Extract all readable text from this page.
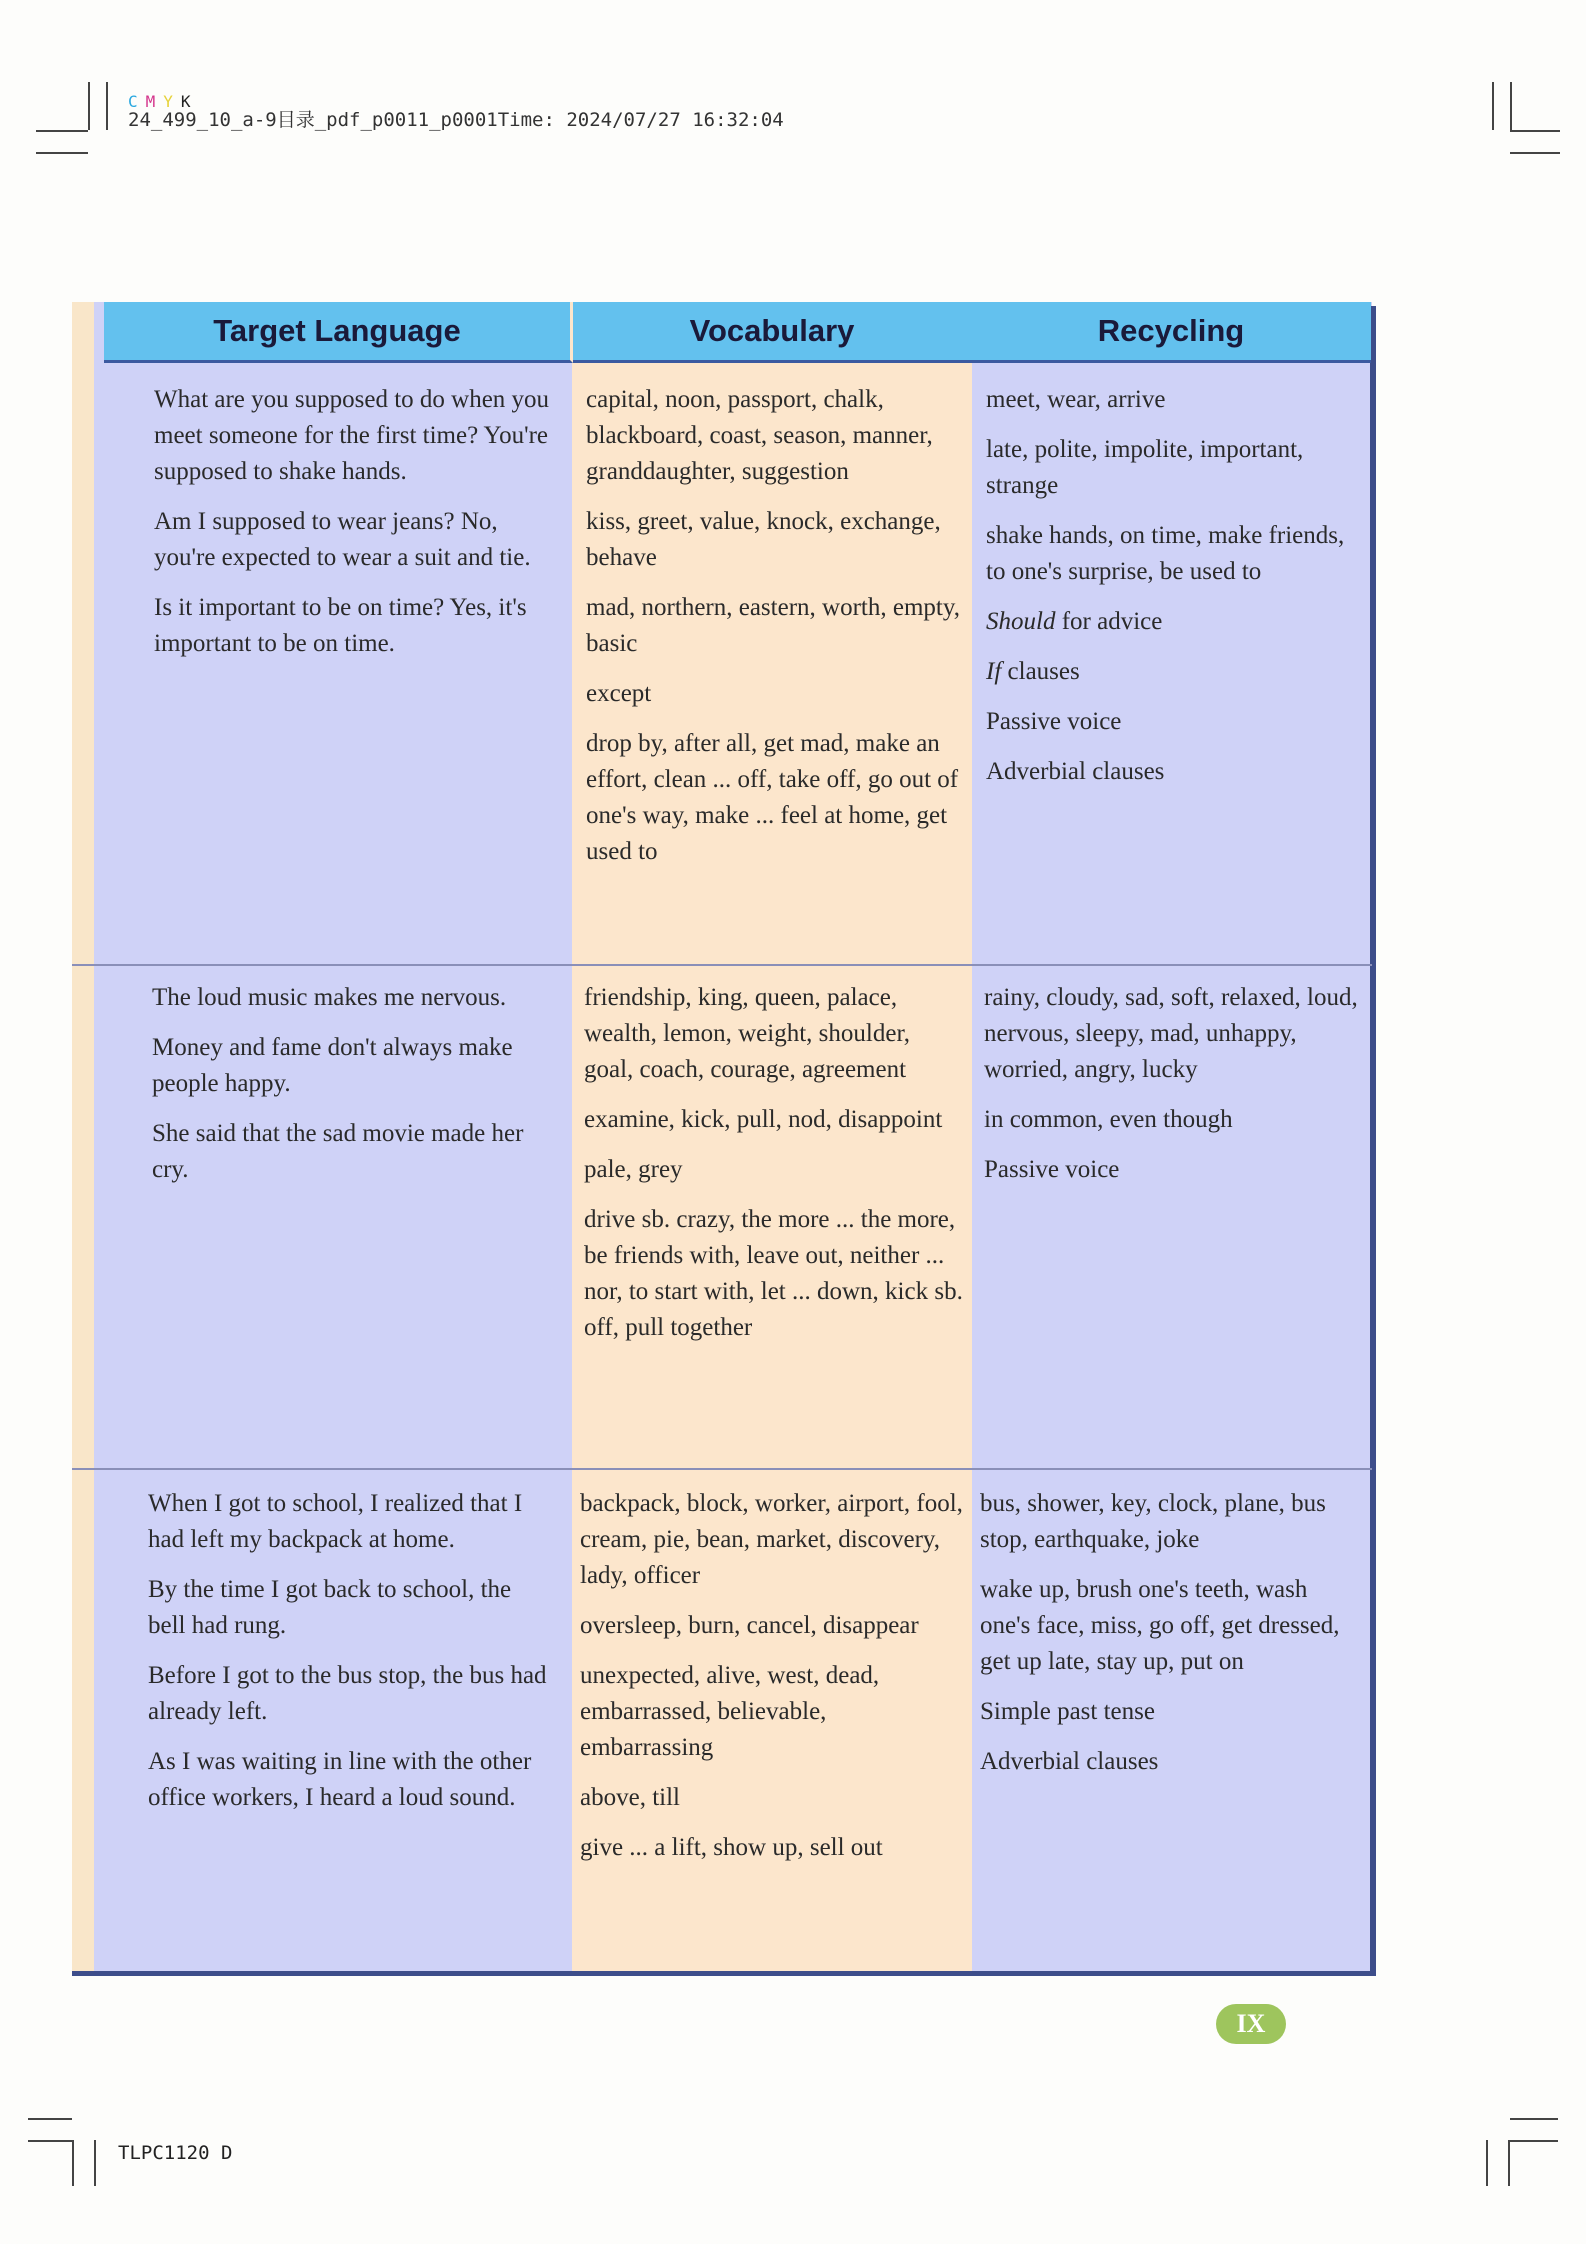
C M Y K
24_499_10_a-9目录_pdf_p0011_p0001Time: 2024/07/27 16:32:04
Target Language	Vocabulary	Recycling

What are you supposed to do when you meet someone for the first time? You're supposed to shake hands.

Am I supposed to wear jeans? No, you're expected to wear a suit and tie.

Is it important to be on time? Yes, it's important to be on time.

capital, noon, passport, chalk, blackboard, coast, season, manner, granddaughter, suggestion

kiss, greet, value, knock, exchange, behave

mad, northern, eastern, worth, empty, basic

except

drop by, after all, get mad, make an effort, clean ... off, take off, go out of one's way, make ... feel at home, get used to

meet, wear, arrive

late, polite, impolite, important, strange

shake hands, on time, make friends, to one's surprise, be used to

Should for advice

If clauses

Passive voice

Adverbial clauses

The loud music makes me nervous.

Money and fame don't always make people happy.

She said that the sad movie made her cry.

friendship, king, queen, palace, wealth, lemon, weight, shoulder, goal, coach, courage, agreement

examine, kick, pull, nod, disappoint

pale, grey

drive sb. crazy, the more ... the more, be friends with, leave out, neither ... nor, to start with, let ... down, kick sb. off, pull together

rainy, cloudy, sad, soft, relaxed, loud, nervous, sleepy, mad, unhappy, worried, angry, lucky

in common, even though

Passive voice

When I got to school, I realized that I had left my backpack at home.

By the time I got back to school, the bell had rung.

Before I got to the bus stop, the bus had already left.

As I was waiting in line with the other office workers, I heard a loud sound.

backpack, block, worker, airport, fool, cream, pie, bean, market, discovery, lady, officer

oversleep, burn, cancel, disappear

unexpected, alive, west, dead, embarrassed, believable, embarrassing

above, till

give ... a lift, show up, sell out

bus, shower, key, clock, plane, bus stop, earthquake, joke

wake up, brush one's teeth, wash one's face, miss, go off, get dressed, get up late, stay up, put on

Simple past tense

Adverbial clauses

IX
TLPC1120 D
